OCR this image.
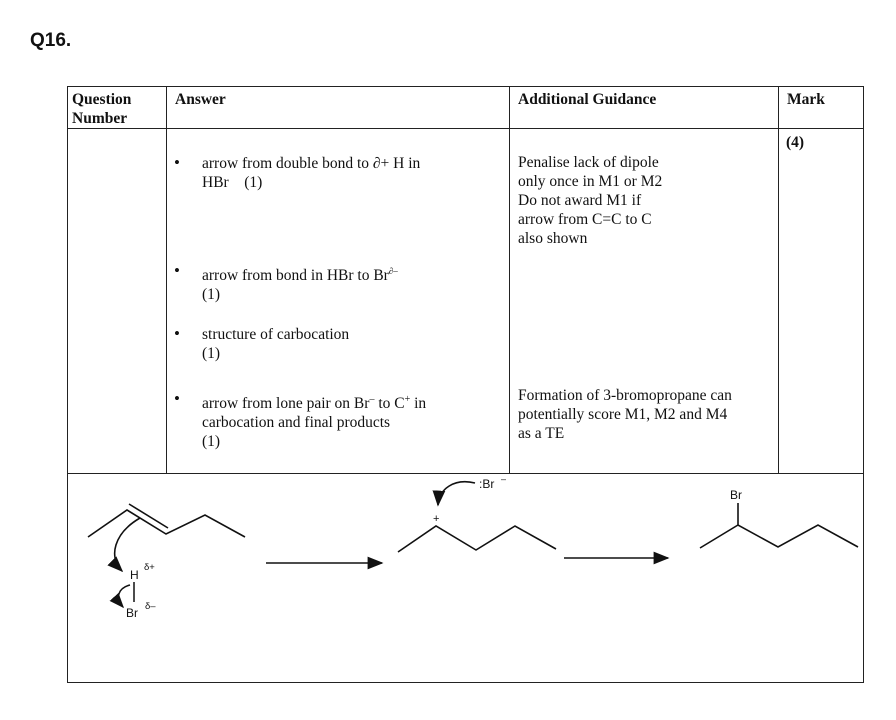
Q16.
Question
Number
Answer	Additional Guidance	Mark
(4)
• arrow from double bond to ∂+ H in
HBr    (1)
• arrow from bond in HBr to Br∂–
(1)
• structure of carbocation
(1)
• arrow from lone pair on Br– to C+ in
carbocation and final products
(1)
Penalise lack of dipole
only once in M1 or M2
Do not award M1 if
arrow from C=C to C
also shown
Formation of 3-bromopropane can
potentially score M1, M2 and M4
as a TE
H
δ+
Br δ–
+
:Br –
Br
